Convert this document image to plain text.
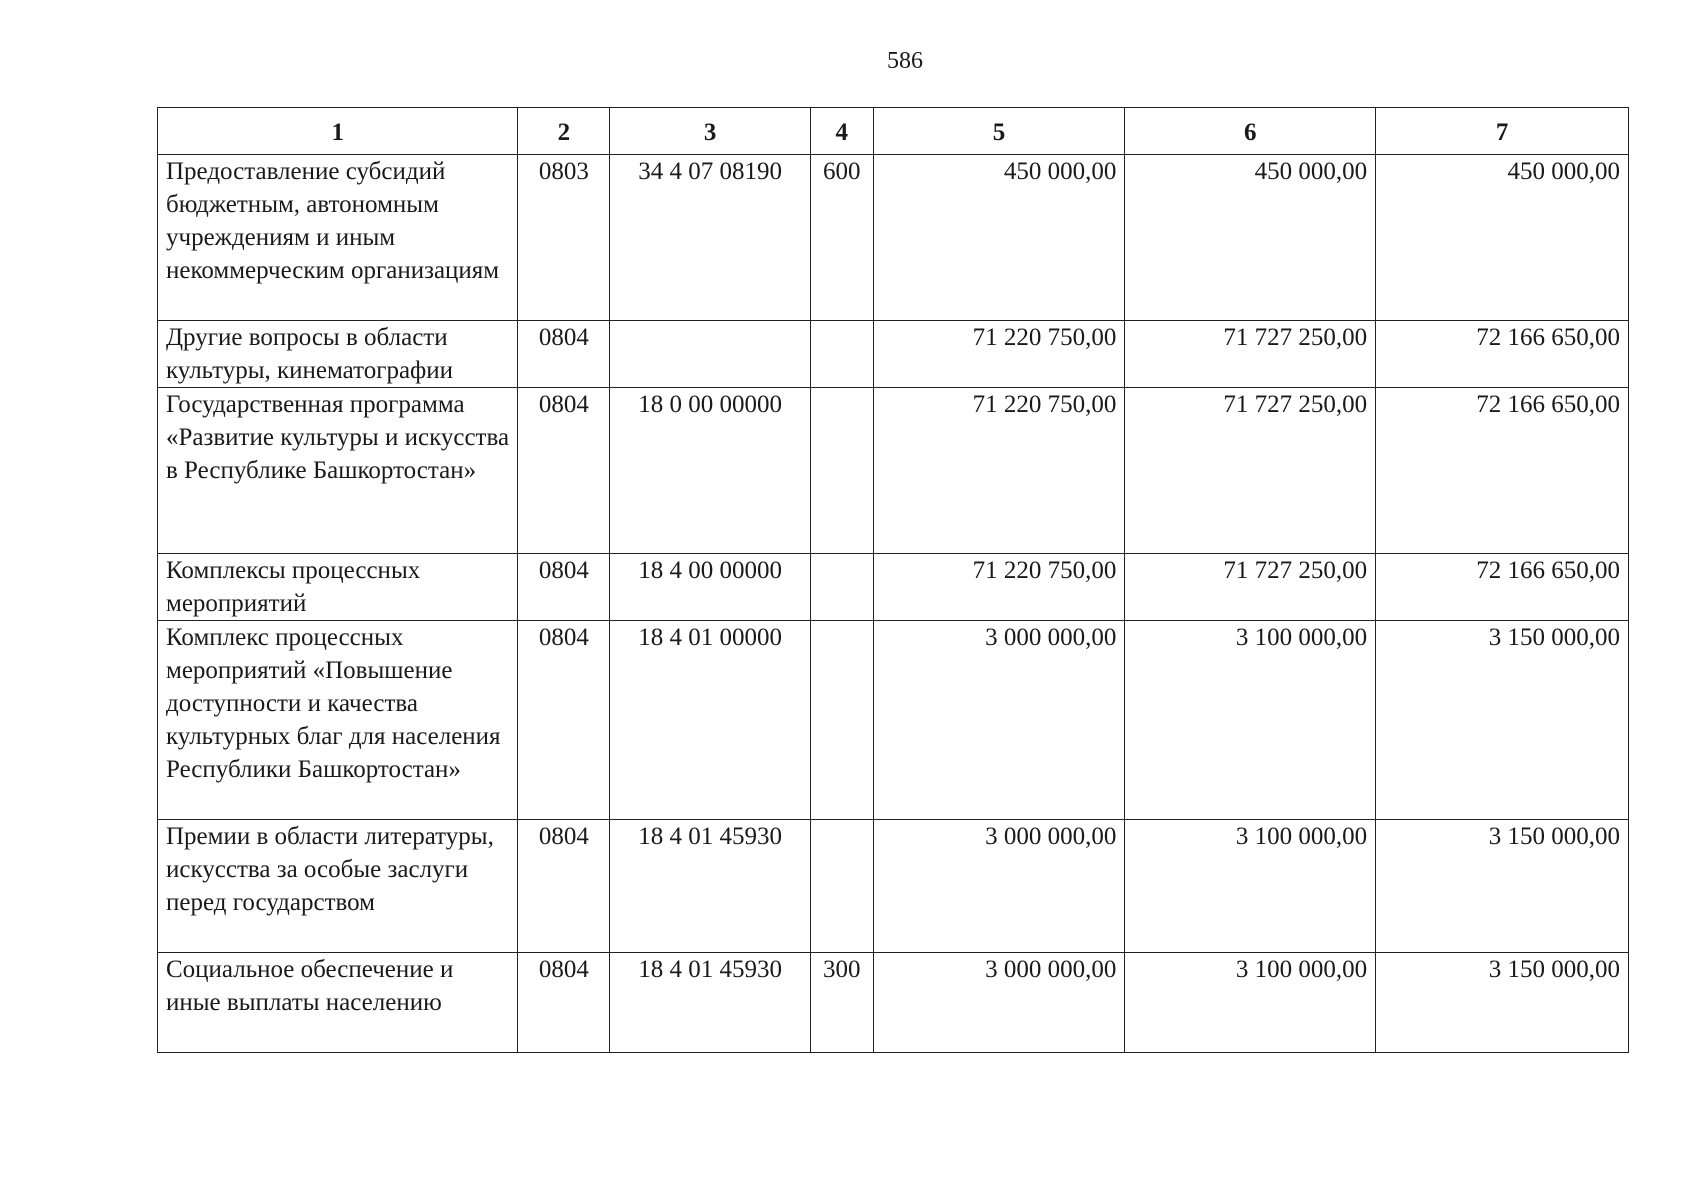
586
1	2	3	4	5	6	7
Предоставление субсидий бюджетным, автономным учреждениям и иным некоммерческим организациям	0803	34 4 07 08190	600	450 000,00	450 000,00	450 000,00
Другие вопросы в области культуры, кинематографии	0804			71 220 750,00	71 727 250,00	72 166 650,00
Государственная программа «Развитие культуры и искусства в Республике Башкортостан»	0804	18 0 00 00000		71 220 750,00	71 727 250,00	72 166 650,00
Комплексы процессных мероприятий	0804	18 4 00 00000		71 220 750,00	71 727 250,00	72 166 650,00
Комплекс процессных мероприятий «Повышение доступности и качества культурных благ для населения Республики Башкортостан»	0804	18 4 01 00000		3 000 000,00	3 100 000,00	3 150 000,00
Премии в области литературы, искусства за особые заслуги перед государством	0804	18 4 01 45930		3 000 000,00	3 100 000,00	3 150 000,00
Социальное обеспечение и иные выплаты населению	0804	18 4 01 45930	300	3 000 000,00	3 100 000,00	3 150 000,00
